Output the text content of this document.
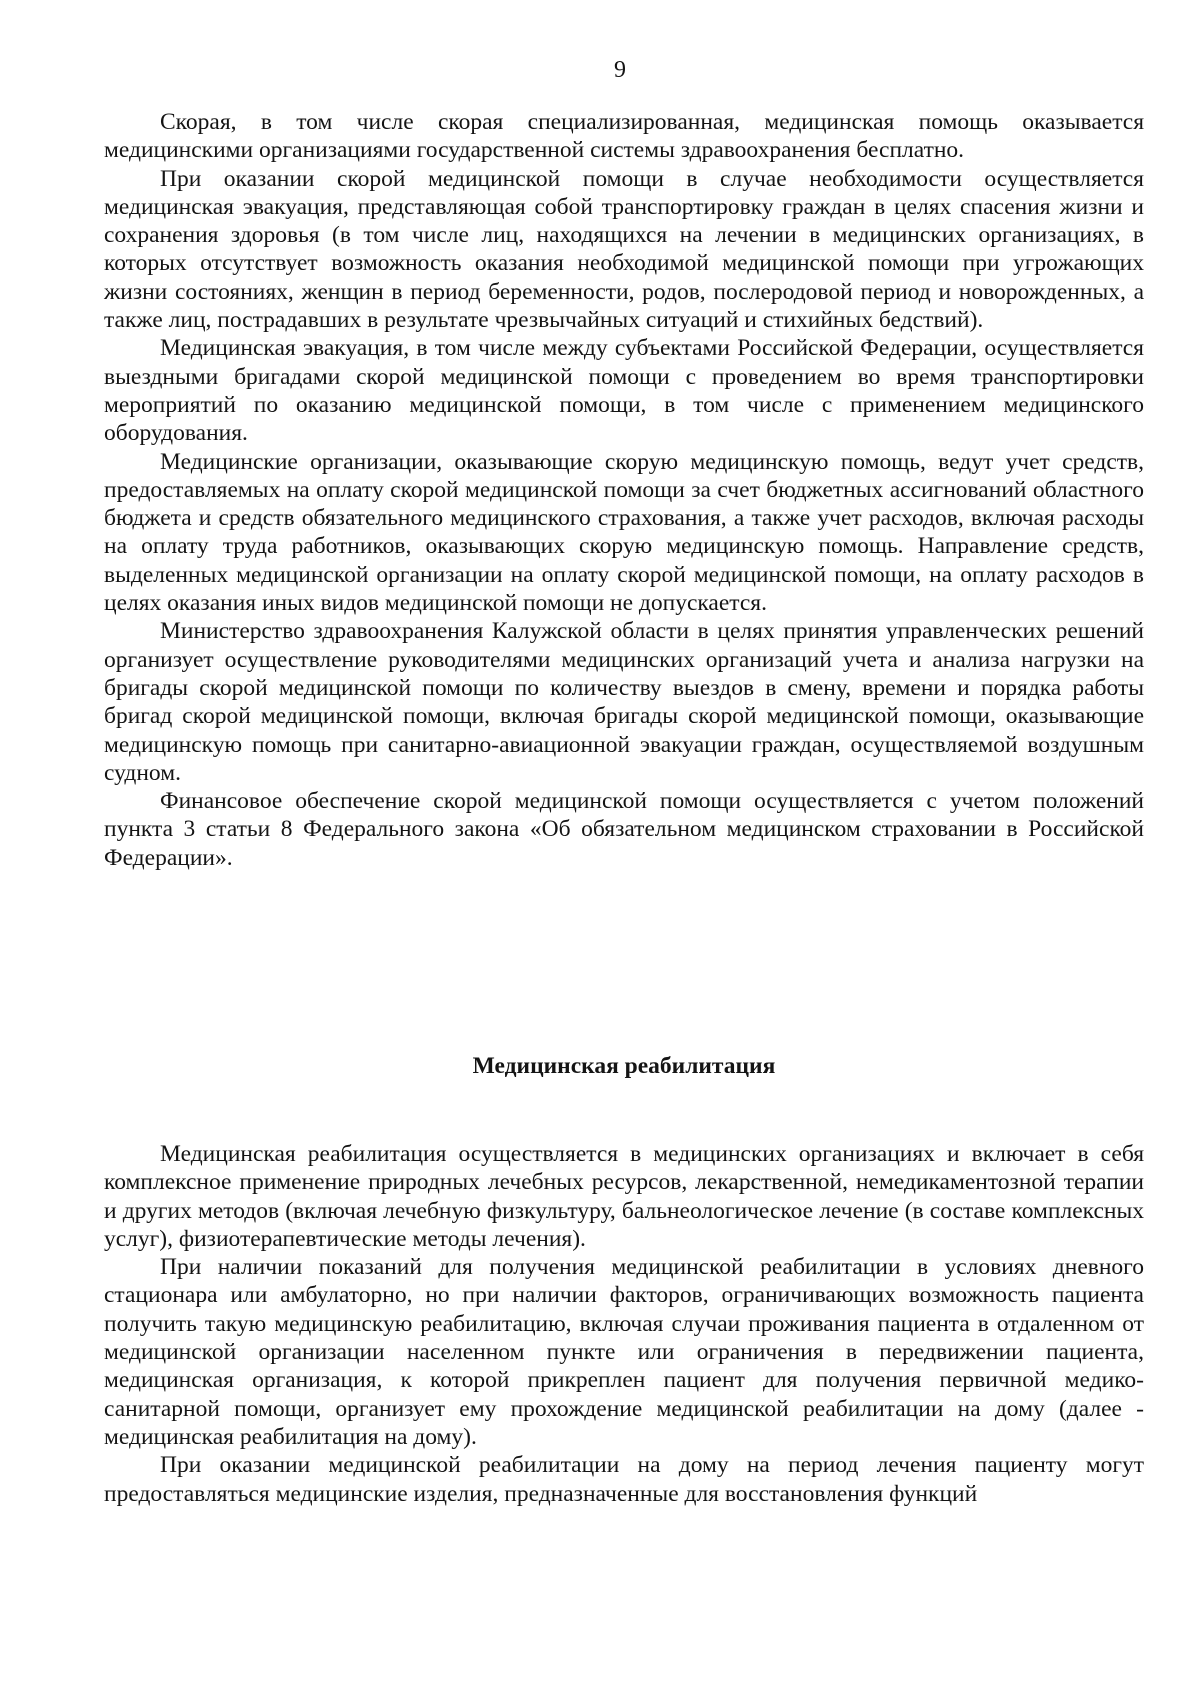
9

Скорая, в том числе скорая специализированная, медицинская помощь оказывается медицинскими организациями государственной системы здравоохранения бесплатно.

При оказании скорой медицинской помощи в случае необходимости осуществляется медицинская эвакуация, представляющая собой транспортировку граждан в целях спасения жизни и сохранения здоровья (в том числе лиц, находящихся на лечении в медицинских организациях, в которых отсутствует возможность оказания необходимой медицинской помощи при угрожающих жизни состояниях, женщин в период беременности, родов, послеродовой период и новорожденных, а также лиц, пострадавших в результате чрезвычайных ситуаций и стихийных бедствий).

Медицинская эвакуация, в том числе между субъектами Российской Федерации, осуществляется выездными бригадами скорой медицинской помощи с проведением во время транспортировки мероприятий по оказанию медицинской помощи, в том числе с применением медицинского оборудования.

Медицинские организации, оказывающие скорую медицинскую помощь, ведут учет средств, предоставляемых на оплату скорой медицинской помощи за счет бюджетных ассигнований областного бюджета и средств обязательного медицинского страхования, а также учет расходов, включая расходы на оплату труда работников, оказывающих скорую медицинскую помощь. Направление средств, выделенных медицинской организации на оплату скорой медицинской помощи, на оплату расходов в целях оказания иных видов медицинской помощи не допускается.

Министерство здравоохранения Калужской области в целях принятия управленческих решений организует осуществление руководителями медицинских организаций учета и анализа нагрузки на бригады скорой медицинской помощи по количеству выездов в смену, времени и порядка работы бригад скорой медицинской помощи, включая бригады скорой медицинской помощи, оказывающие медицинскую помощь при санитарно-авиационной эвакуации граждан, осуществляемой воздушным судном.

Финансовое обеспечение скорой медицинской помощи осуществляется с учетом положений пункта 3 статьи 8 Федерального закона «Об обязательном медицинском страховании в Российской Федерации».

Медицинская реабилитация

Медицинская реабилитация осуществляется в медицинских организациях и включает в себя комплексное применение природных лечебных ресурсов, лекарственной, немедикаментозной терапии и других методов (включая лечебную физкультуру, бальнеологическое лечение (в составе комплексных услуг), физиотерапевтические методы лечения).

При наличии показаний для получения медицинской реабилитации в условиях дневного стационара или амбулаторно, но при наличии факторов, ограничивающих возможность пациента получить такую медицинскую реабилитацию, включая случаи проживания пациента в отдаленном от медицинской организации населенном пункте или ограничения в передвижении пациента, медицинская организация, к которой прикреплен пациент для получения первичной медико-санитарной помощи, организует ему прохождение медицинской реабилитации на дому (далее - медицинская реабилитация на дому).

При оказании медицинской реабилитации на дому на период лечения пациенту могут предоставляться медицинские изделия, предназначенные для восстановления функций
